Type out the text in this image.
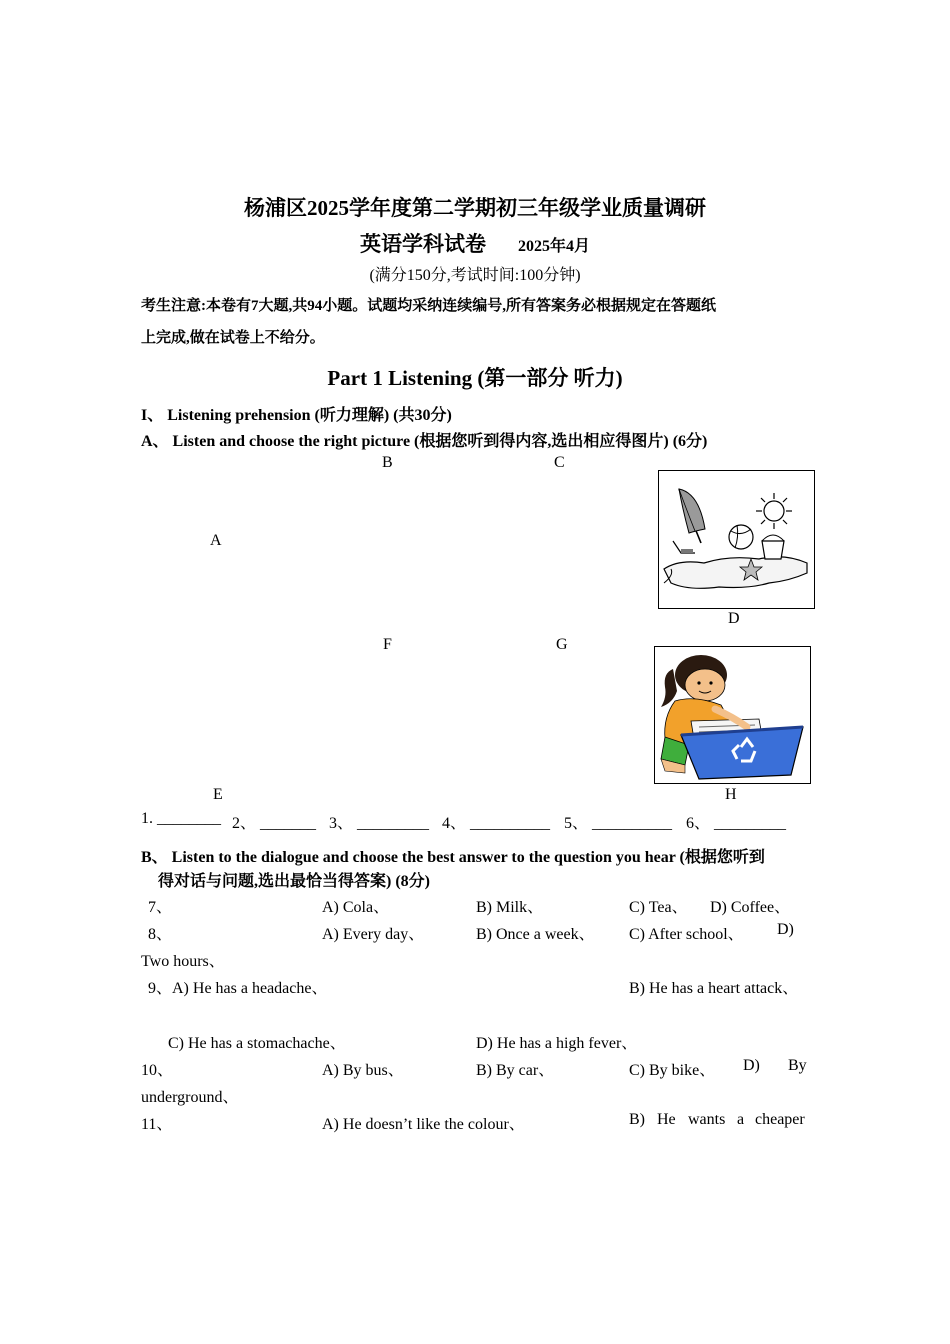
杨浦区2025学年度第二学期初三年级学业质量调研
英语学科试卷 2025年4月
(满分150分,考试时间:100分钟)
考生注意:本卷有7大题,共94小题。试题均采纳连续编号,所有答案务必根据规定在答题纸
上完成,做在试卷上不给分。
Part 1 Listening (第一部分 听力)
I、 Listening prehension (听力理解) (共30分)
A、 Listen and choose the right picture (根据您听到得内容,选出相应得图片) (6分)
B	C
A
D
F	G
E	H
1. ________ 2、 _______ 3、 _________ 4、 __________ 5、 __________ 6、 _________
B、 Listen to the dialogue and choose the best answer to the question you hear (根据您听到
得对话与问题,选出最恰当得答案) (8分)
7、	A) Cola、	B) Milk、	C) Tea、 D) Coffee、
8、	A) Every day、	B) Once a week、 C) After school、 D)
Two hours、
9、A) He has a headache、	B) He has a heart attack、
C) He has a stomachache、	D) He has a high fever、
10、	A) By bus、	B) By car、	C) By bike、 D) By
underground、
11、	A) He doesn’t like the colour、	B) He wants a cheaper
